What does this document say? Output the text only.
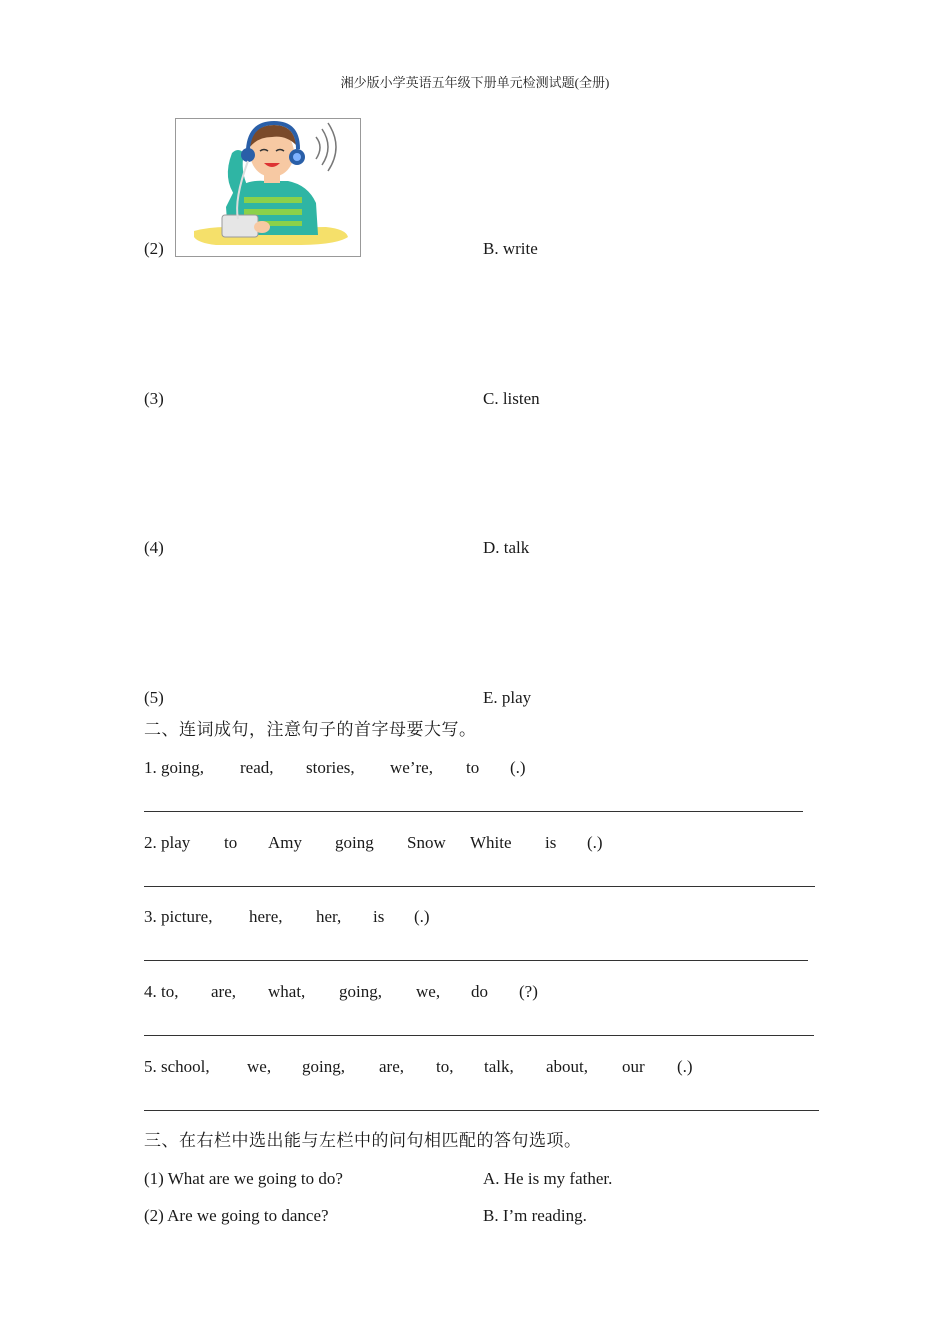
湘少版小学英语五年级下册单元检测试题(全册)
(2)	B. write
(3)	C. listen
(4)	D. talk
(5)	E. play
二、连词成句，注意句子的首字母要大写。
1. going, read, stories, we’re, to (.)
2. play to Amy going Snow White is (.)
3. picture, here, her, is (.)
4. to, are, what, going, we, do (?)
5. school, we, going, are, to, talk, about, our (.)
三、在右栏中选出能与左栏中的问句相匹配的答句选项。
(1) What are we going to do?	A. He is my father.
(2) Are we going to dance?	B. I’m reading.
